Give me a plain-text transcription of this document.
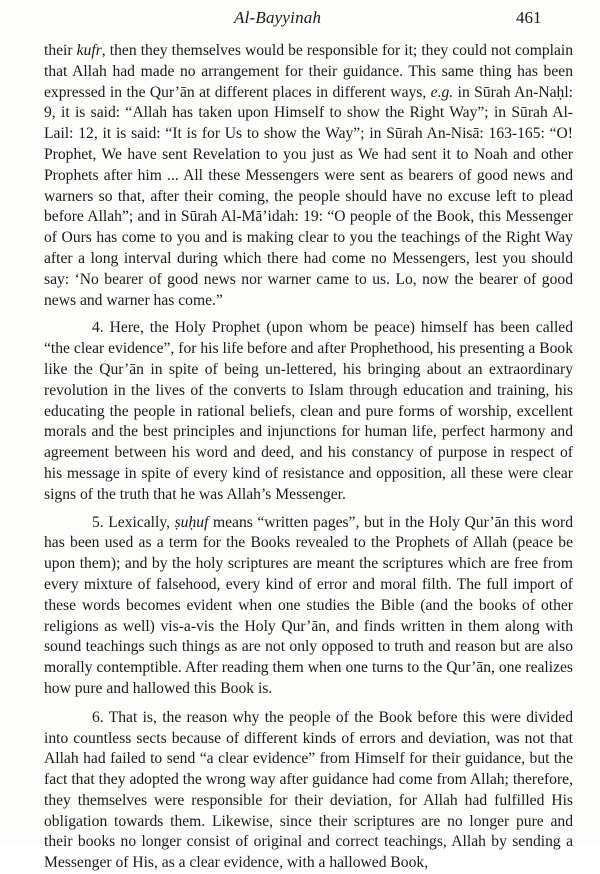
Al-Bayyinah	461

their kufr, then they themselves would be responsible for it; they could not complain that Allah had made no arrangement for their guidance. This same thing has been expressed in the Qur’ān at different places in different ways, e.g. in Sūrah An-Naḥl: 9, it is said: “Allah has taken upon Himself to show the Right Way”; in Sūrah Al-Lail: 12, it is said: “It is for Us to show the Way”; in Sūrah An-Nisā: 163-165: “O! Prophet, We have sent Revelation to you just as We had sent it to Noah and other Prophets after him ... All these Messengers were sent as bearers of good news and warners so that, after their coming, the people should have no excuse left to plead before Allah”; and in Sūrah Al-Mā’idah: 19: “O people of the Book, this Messenger of Ours has come to you and is making clear to you the teachings of the Right Way after a long interval during which there had come no Messengers, lest you should say: ‘No bearer of good news nor warner came to us. Lo, now the bearer of good news and warner has come.”

4. Here, the Holy Prophet (upon whom be peace) himself has been called “the clear evidence”, for his life before and after Prophethood, his presenting a Book like the Qur’ān in spite of being un-lettered, his bringing about an extraordinary revolution in the lives of the converts to Islam through education and training, his educating the people in rational beliefs, clean and pure forms of worship, excellent morals and the best principles and injunctions for human life, perfect harmony and agreement between his word and deed, and his constancy of purpose in respect of his message in spite of every kind of resistance and opposition, all these were clear signs of the truth that he was Allah’s Messenger.

5. Lexically, ṣuḥuf means “written pages”, but in the Holy Qur’ān this word has been used as a term for the Books revealed to the Prophets of Allah (peace be upon them); and by the holy scriptures are meant the scriptures which are free from every mixture of falsehood, every kind of error and moral filth. The full import of these words becomes evident when one studies the Bible (and the books of other religions as well) vis-a-vis the Holy Qur’ān, and finds written in them along with sound teachings such things as are not only opposed to truth and reason but are also morally contemptible. After reading them when one turns to the Qur’ān, one realizes how pure and hallowed this Book is.

6. That is, the reason why the people of the Book before this were divided into countless sects because of different kinds of errors and deviation, was not that Allah had failed to send “a clear evidence” from Himself for their guidance, but the fact that they adopted the wrong way after guidance had come from Allah; therefore, they themselves were responsible for their deviation, for Allah had fulfilled His obligation towards them. Likewise, since their scriptures are no longer pure and their books no longer consist of original and correct teachings, Allah by sending a Messenger of His, as a clear evidence, with a hallowed Book,
